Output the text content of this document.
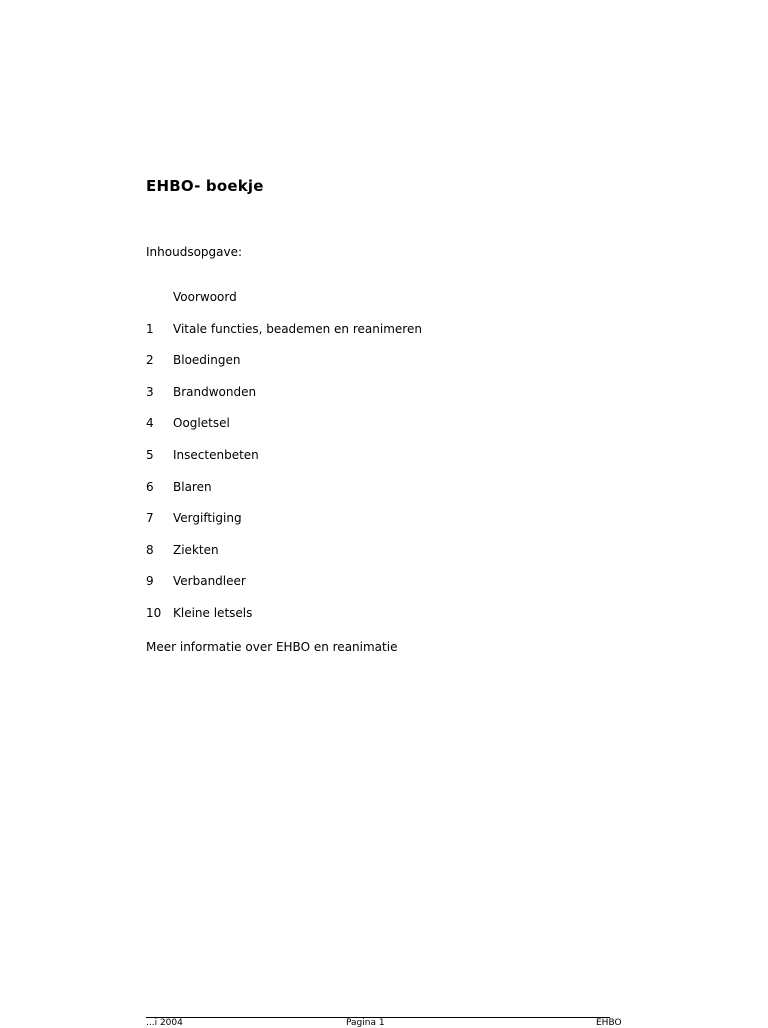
EHBO- boekje
Inhoudsopgave:
Voorwoord
1	Vitale functies, beademen en reanimeren
2	Bloedingen
3	Brandwonden
4	Oogletsel
5	Insectenbeten
6	Blaren
7	Vergiftiging
8	Ziekten
9	Verbandleer
10 Kleine letsels
Meer informatie over EHBO en reanimatie
...i 2004	Pagina 1	EHBO
